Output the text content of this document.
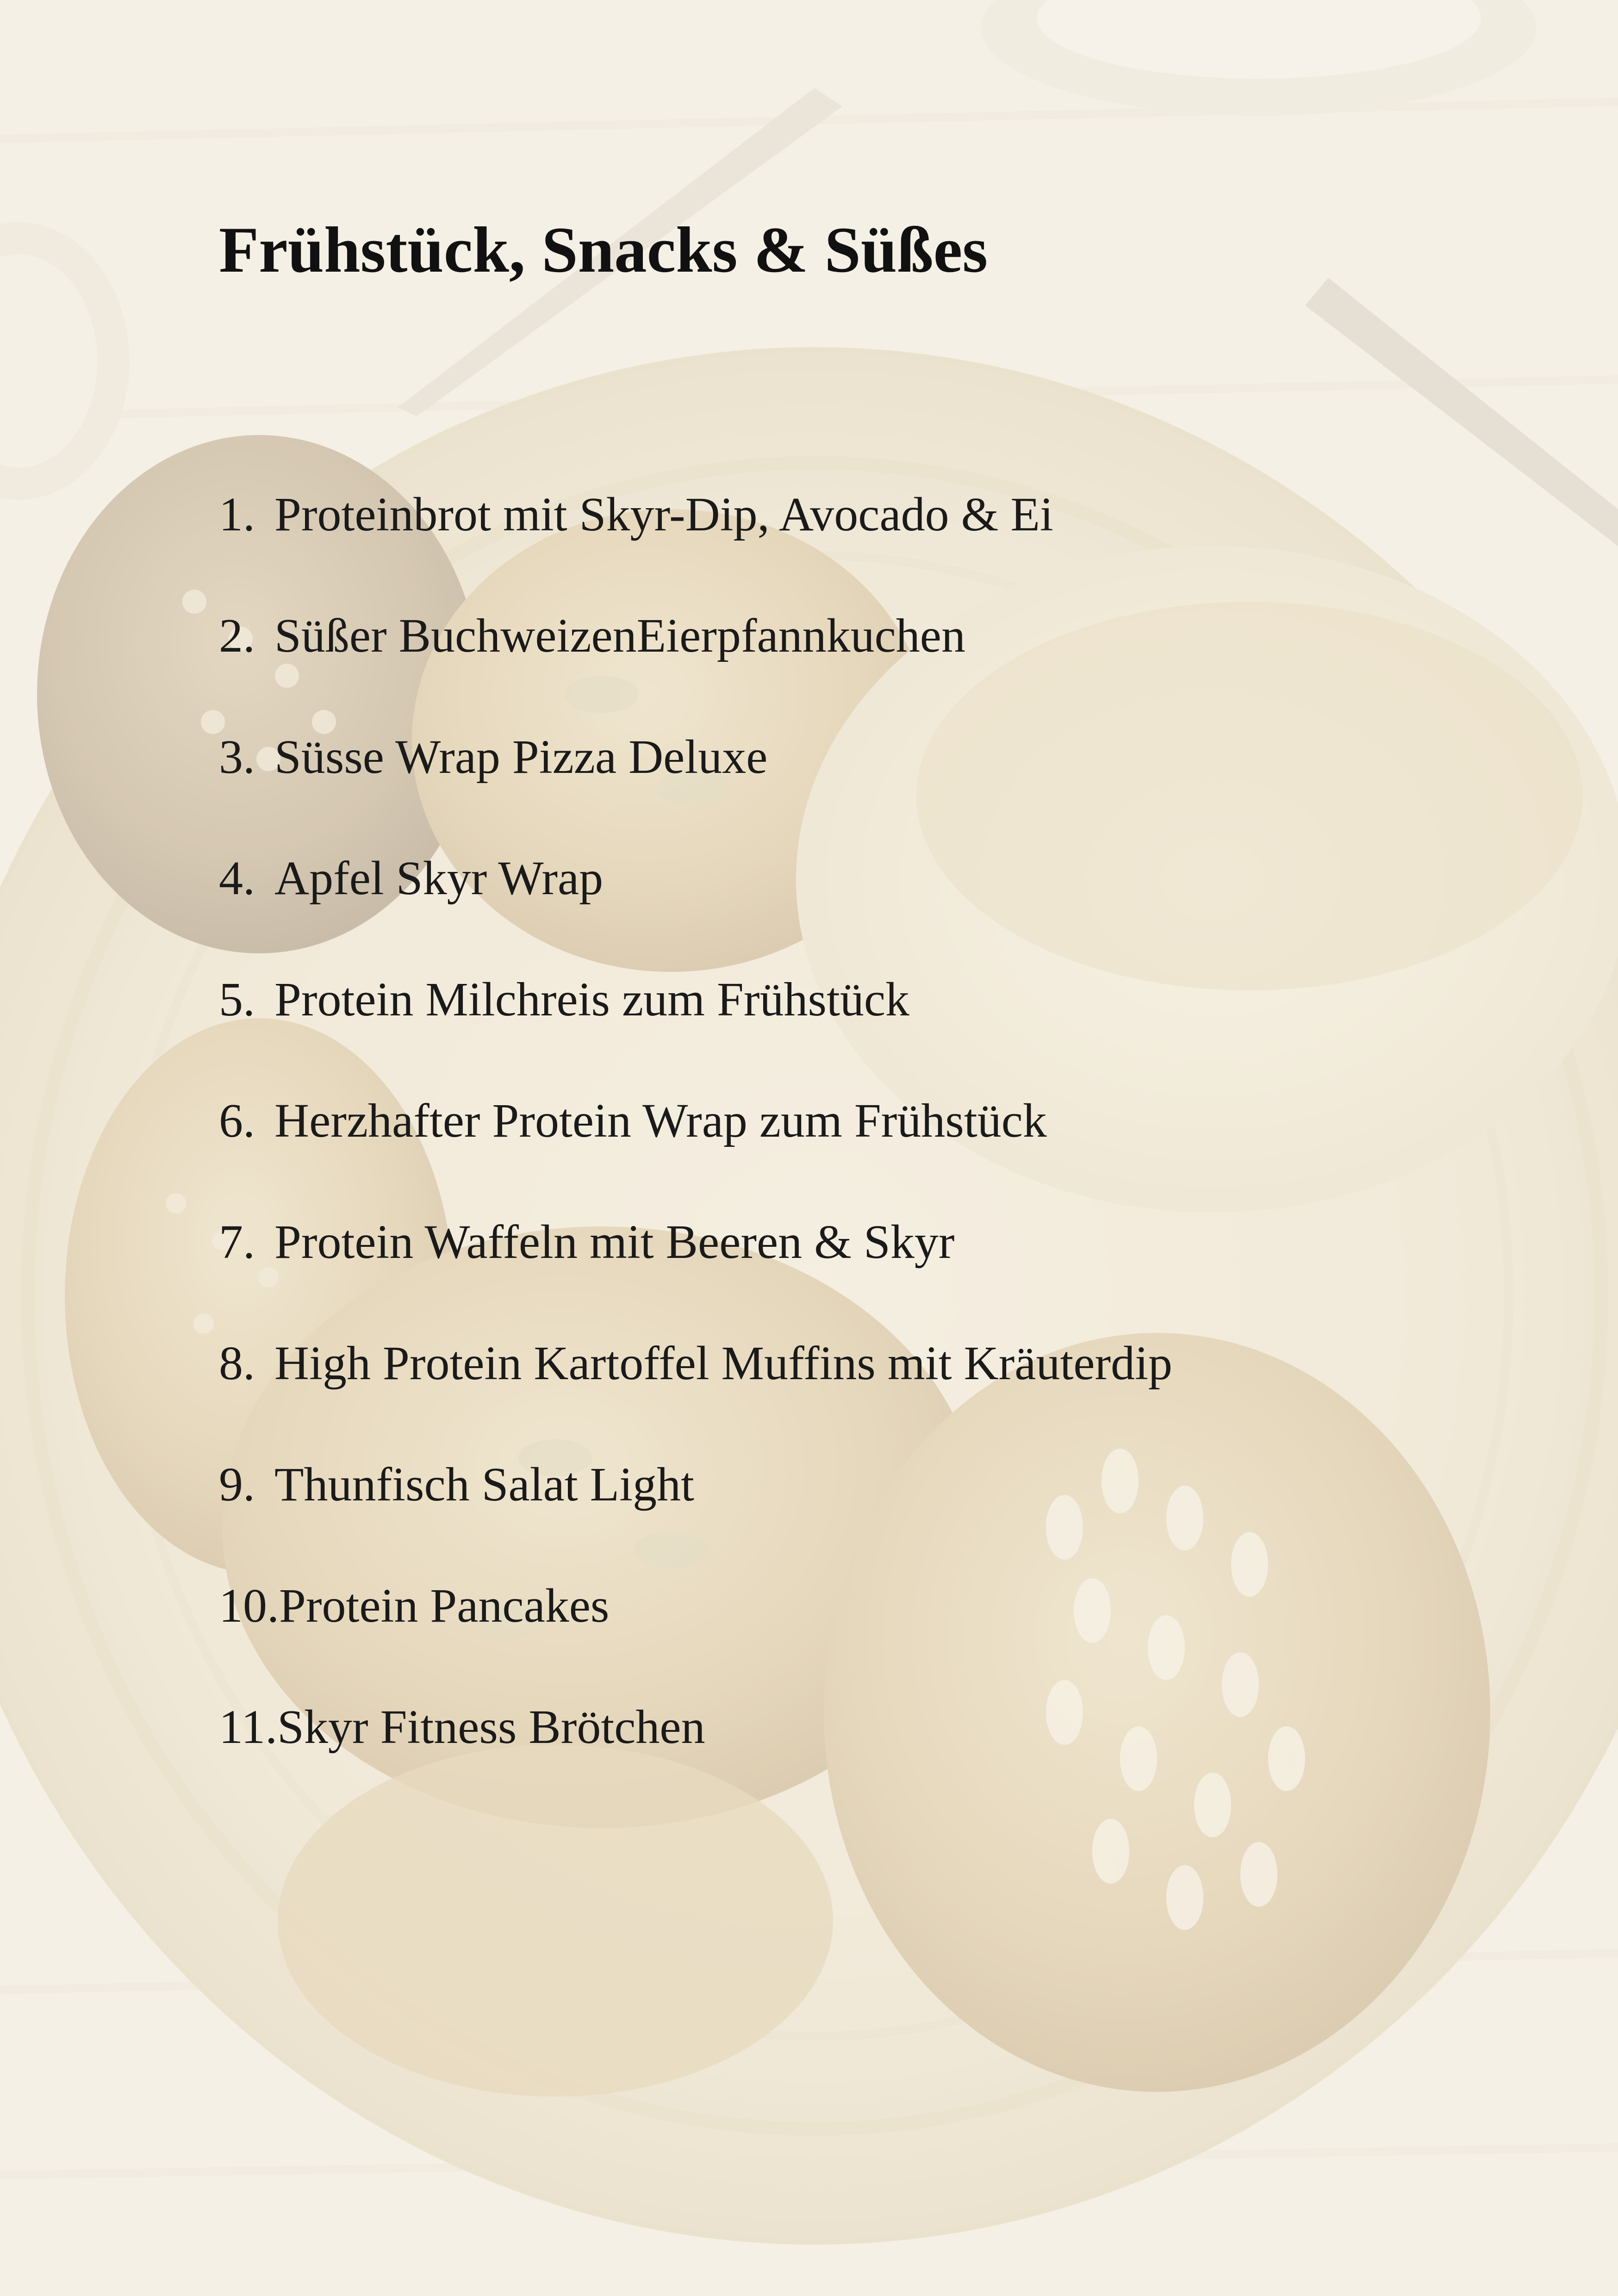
Frühstück, Snacks & Süßes
1. Proteinbrot mit Skyr-Dip, Avocado & Ei
2. Süßer BuchweizenEierpfannkuchen
3. Süsse Wrap Pizza Deluxe
4. Apfel Skyr Wrap
5. Protein Milchreis zum Frühstück
6. Herzhafter Protein Wrap zum Frühstück
7. Protein Waffeln mit Beeren & Skyr
8. High Protein Kartoffel Muffins mit Kräuterdip
9. Thunfisch Salat Light
10. Protein Pancakes
11. Skyr Fitness Brötchen
